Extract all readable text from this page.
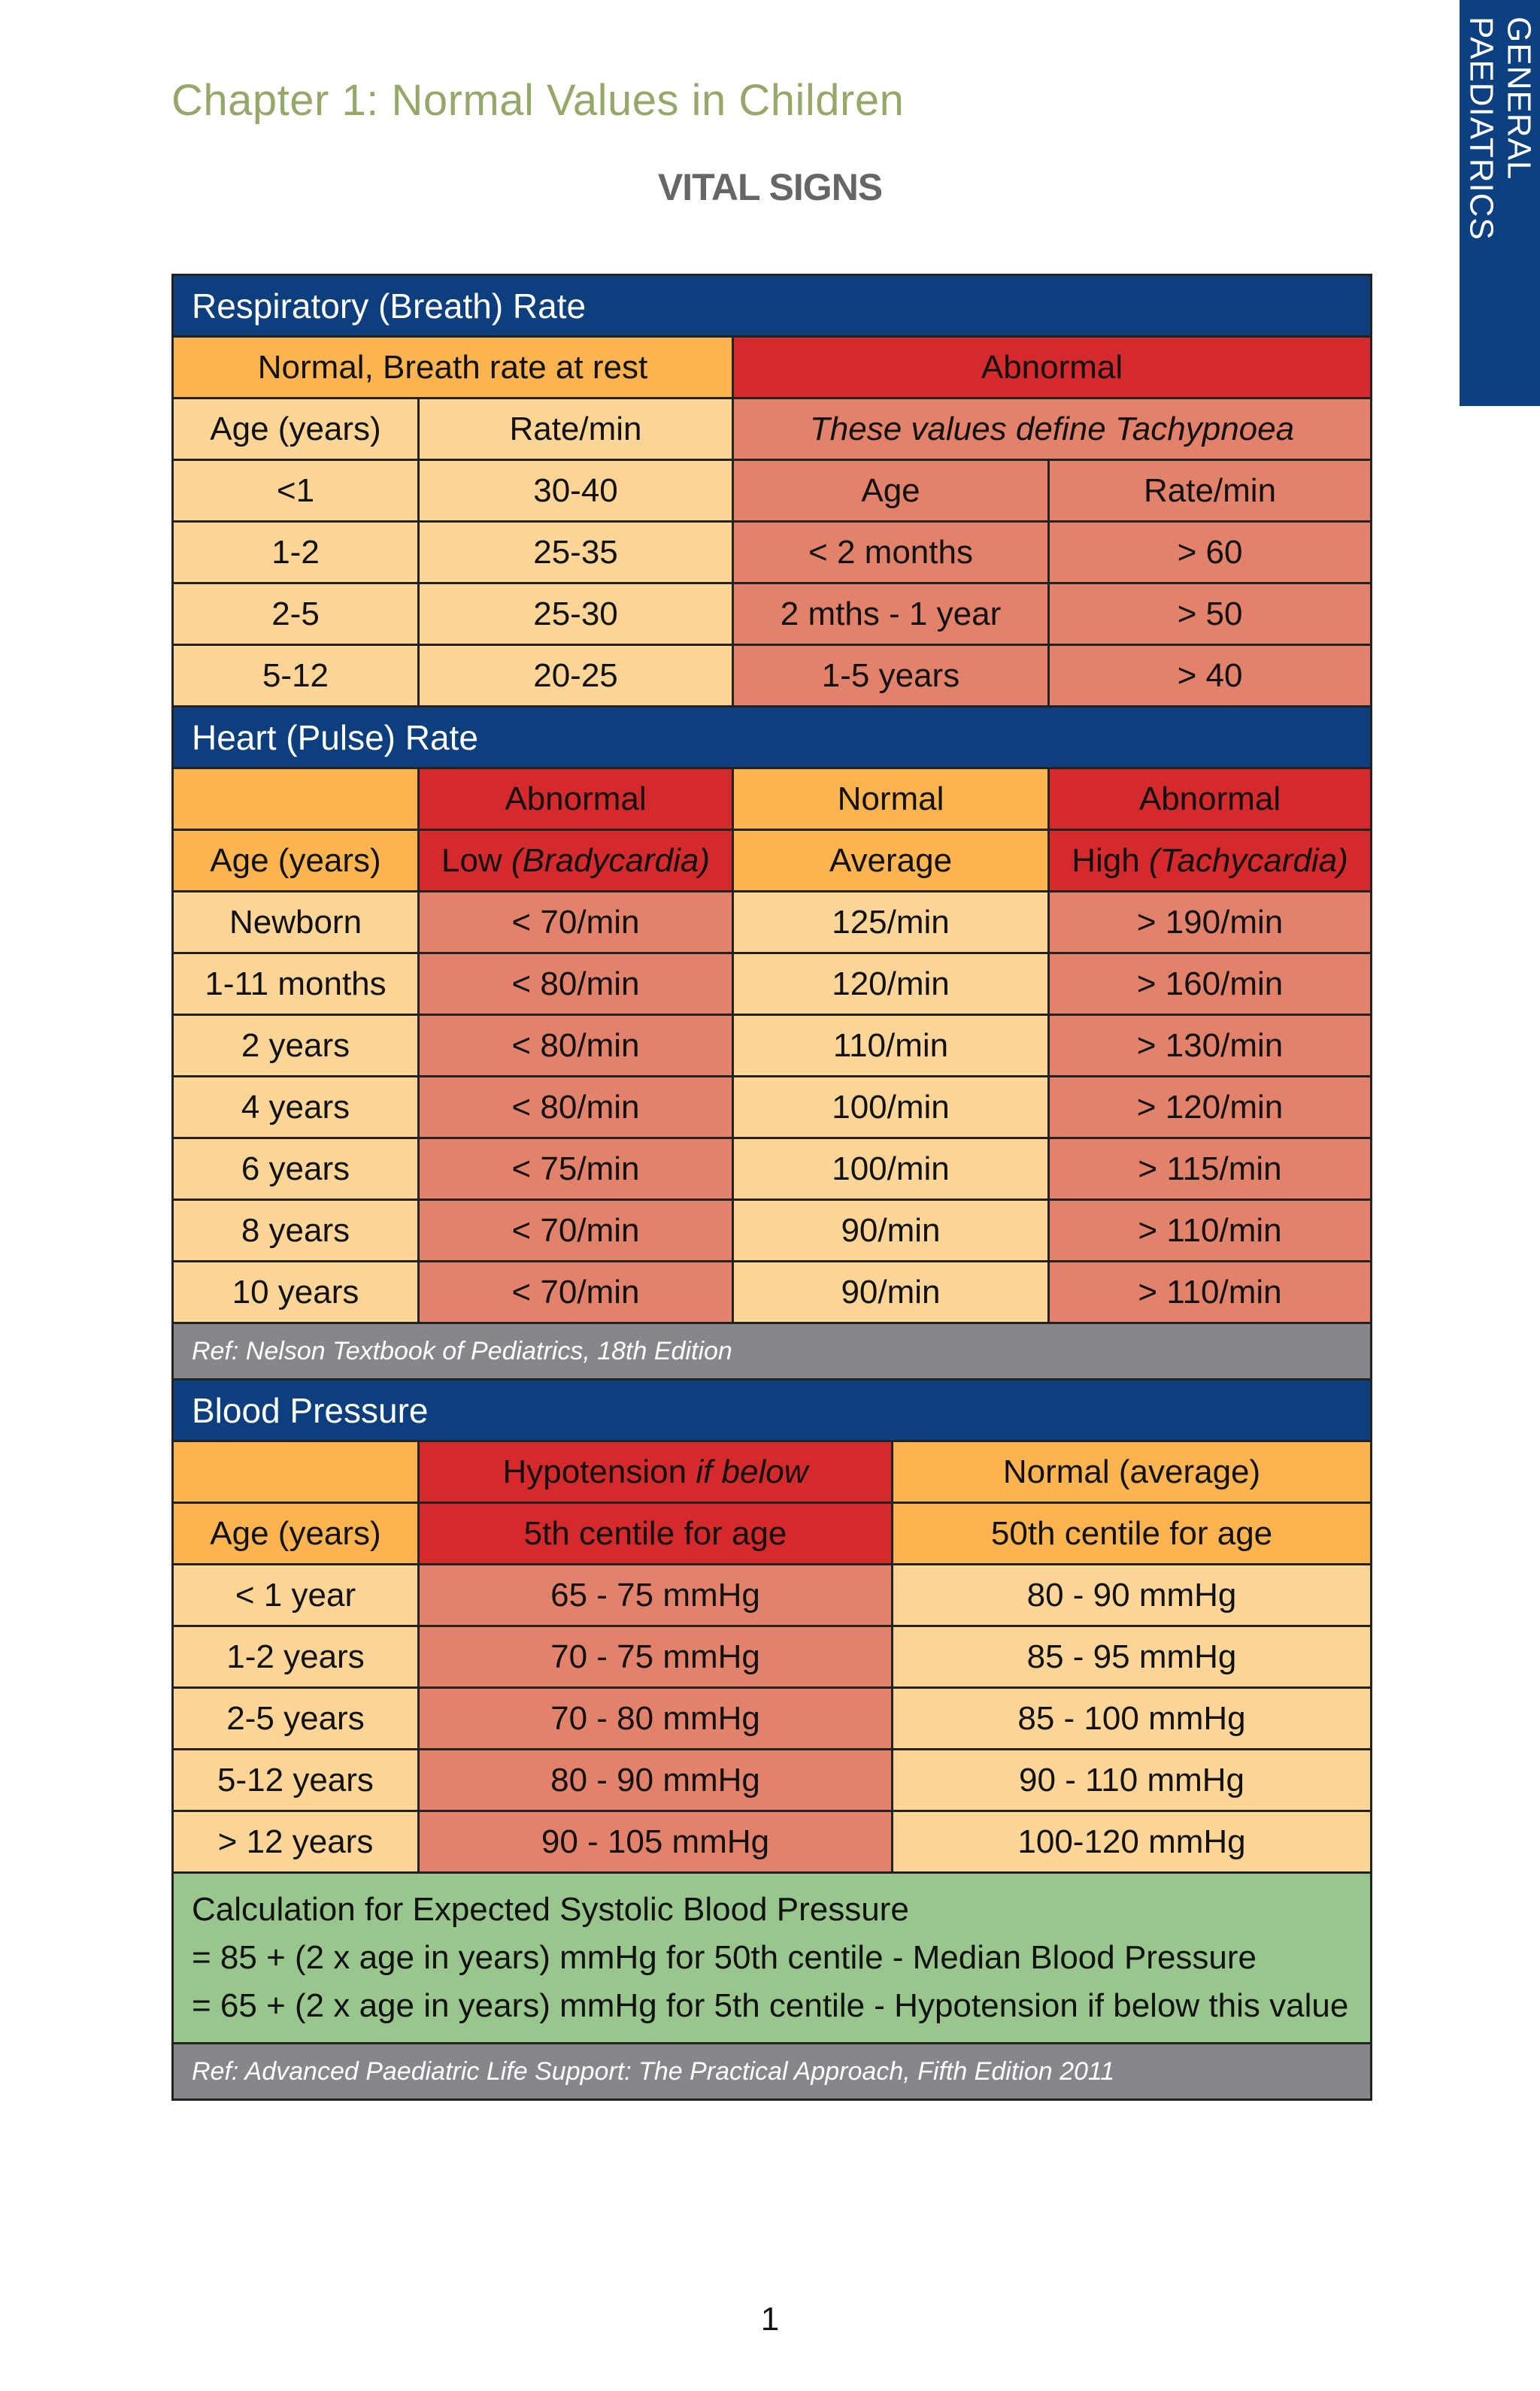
Chapter 1: Normal Values in Children
VITAL SIGNS
GENERAL PAEDIATRICS
Respiratory (Breath) Rate				
Normal, Breath rate at rest		Abnormal		
Age (years)	Rate/min	These values define Tachypnoea		
<1	30-40	Age		Rate/min
1-2	25-35	< 2 months		> 60
2-5	25-30	2 mths - 1 year		> 50
5-12	20-25	1-5 years		> 40
Heart (Pulse) Rate				
	Abnormal	Normal		Abnormal
Age (years)	Low (Bradycardia)	Average		High (Tachycardia)
Newborn	< 70/min	125/min		> 190/min
1-11 months	< 80/min	120/min		> 160/min
2 years	< 80/min	110/min		> 130/min
4 years	< 80/min	100/min		> 120/min
6 years	< 75/min	100/min		> 115/min
8 years	< 70/min	90/min		> 110/min
10 years	< 70/min	90/min		> 110/min
Ref: Nelson Textbook of Pediatrics, 18th Edition				
Blood Pressure				
	Hypotension if below		Normal (average)	
Age (years)	5th centile for age		50th centile for age	
< 1 year	65 - 75 mmHg		80 - 90 mmHg	
1-2 years	70 - 75 mmHg		85 - 95 mmHg	
2-5 years	70 - 80 mmHg		85 - 100 mmHg	
5-12 years	80 - 90 mmHg		90 - 110 mmHg	
> 12 years	90 - 105 mmHg		100-120 mmHg	

Calculation for Expected Systolic Blood Pressure
= 85 + (2 x age in years) mmHg for 50th centile - Median Blood Pressure
= 65 + (2 x age in years) mmHg for 5th centile - Hypotension if below this value				

Ref: Advanced Paediatric Life Support: The Practical Approach, Fifth Edition 2011				
1
